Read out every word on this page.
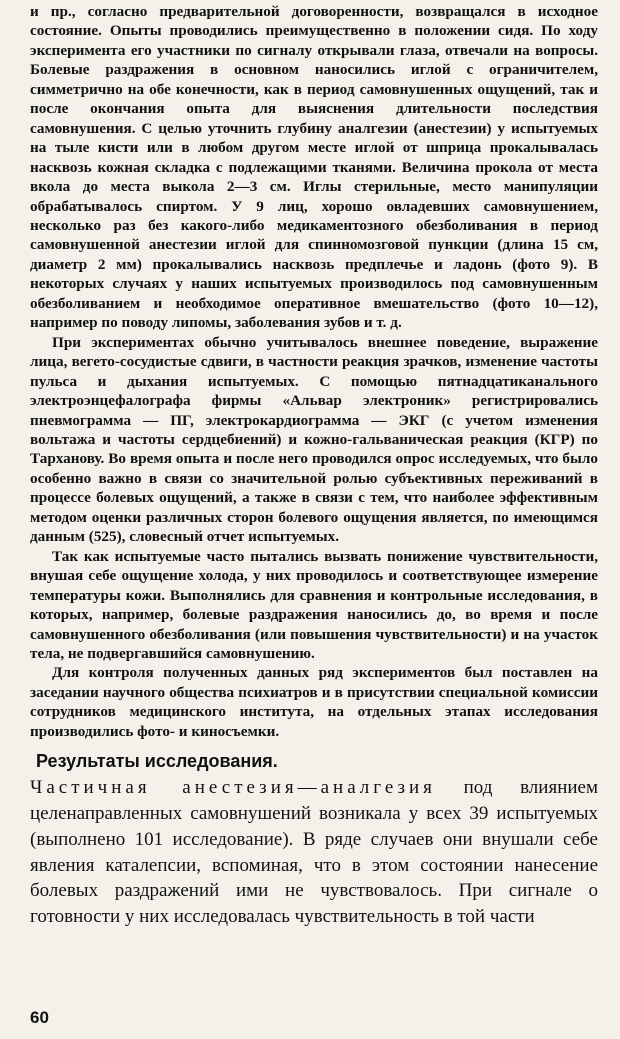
и пр., согласно предварительной договоренности, возвращался в исходное состояние. Опыты проводились преимущественно в положении сидя. По ходу эксперимента его участники по сигналу открывали глаза, отвечали на вопросы. Болевые раздражения в основном наносились иглой с ограничителем, симметрично на обе конечности, как в период самовнушенных ощущений, так и после окончания опыта для выяснения длительности последствия самовнушения. С целью уточнить глубину аналгезии (анестезии) у испытуемых на тыле кисти или в любом другом месте иглой от шприца прокалывалась насквозь кожная складка с подлежащими тканями. Величина прокола от места вкола до места выкола 2—3 см. Иглы стерильные, место манипуляции обрабатывалось спиртом. У 9 лиц, хорошо овладевших самовнушением, несколько раз без какого-либо медикаментозного обезболивания в период самовнушенной анестезии иглой для спинномозговой пункции (длина 15 см, диаметр 2 мм) прокалывались насквозь предплечье и ладонь (фото 9). В некоторых случаях у наших испытуемых производилось под самовнушенным обезболиванием и необходимое оперативное вмешательство (фото 10—12), например по поводу липомы, заболевания зубов и т. д.

При экспериментах обычно учитывалось внешнее поведение, выражение лица, вегето-сосудистые сдвиги, в частности реакция зрачков, изменение частоты пульса и дыхания испытуемых. С помощью пятнадцатиканального электроэнцефалографа фирмы «Альвар электроник» регистрировались пневмограмма — ПГ, электрокардиограмма — ЭКГ (с учетом изменения вольтажа и частоты сердцебиений) и кожно-гальваническая реакция (КГР) по Тарханову. Во время опыта и после него проводился опрос исследуемых, что было особенно важно в связи со значительной ролью субъективных переживаний в процессе болевых ощущений, а также в связи с тем, что наиболее эффективным методом оценки различных сторон болевого ощущения является, по имеющимся данным (525), словесный отчет испытуемых.

Так как испытуемые часто пытались вызвать понижение чувствительности, внушая себе ощущение холода, у них проводилось и соответствующее измерение температуры кожи. Выполнялись для сравнения и контрольные исследования, в которых, например, болевые раздражения наносились до, во время и после самовнушенного обезболивания (или повышения чувствительности) и на участок тела, не подвергавшийся самовнушению.

Для контроля полученных данных ряд экспериментов был поставлен на заседании научного общества психиатров и в присутствии специальной комиссии сотрудников медицинского института, на отдельных этапах исследования производились фото- и киносъемки.

Результаты исследования.

Частичная анестезия—аналгезия под влиянием целенаправленных самовнушений возникала у всех 39 испытуемых (выполнено 101 исследование). В ряде случаев они внушали себе явления каталепсии, вспоминая, что в этом состоянии нанесение болевых раздражений ими не чувствовалось. При сигнале о готовности у них исследовалась чувствительность в той части

60
